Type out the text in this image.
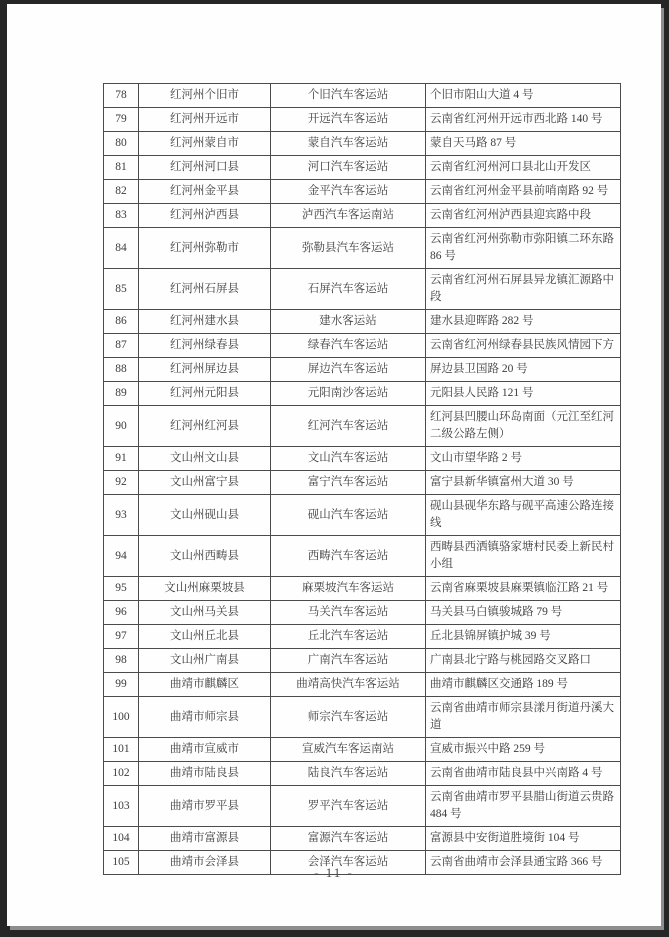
78	红河州个旧市	个旧汽车客运站	个旧市阳山大道 4 号
79	红河州开远市	开远汽车客运站	云南省红河州开远市西北路 140 号
80	红河州蒙自市	蒙自汽车客运站	蒙自天马路 87 号
81	红河州河口县	河口汽车客运站	云南省红河州河口县北山开发区
82	红河州金平县	金平汽车客运站	云南省红河州金平县前哨南路 92 号
83	红河州泸西县	泸西汽车客运南站	云南省红河州泸西县迎宾路中段
84	红河州弥勒市	弥勒县汽车客运站	云南省红河州弥勒市弥阳镇二环东路 86 号
85	红河州石屏县	石屏汽车客运站	云南省红河州石屏县异龙镇汇源路中段
86	红河州建水县	建水客运站	建水县迎晖路 282 号
87	红河州绿春县	绿春汽车客运站	云南省红河州绿春县民族风情园下方
88	红河州屏边县	屏边汽车客运站	屏边县卫国路 20 号
89	红河州元阳县	元阳南沙客运站	元阳县人民路 121 号
90	红河州红河县	红河汽车客运站	红河县凹腰山环岛南面（元江至红河二级公路左侧）
91	文山州文山县	文山汽车客运站	文山市望华路 2 号
92	文山州富宁县	富宁汽车客运站	富宁县新华镇富州大道 30 号
93	文山州砚山县	砚山汽车客运站	砚山县砚华东路与砚平高速公路连接线
94	文山州西畴县	西畴汽车客运站	西畴县西洒镇骆家塘村民委上新民村小组
95	文山州麻栗坡县	麻栗坡汽车客运站	云南省麻栗坡县麻栗镇临江路 21 号
96	文山州马关县	马关汽车客运站	马关县马白镇骏城路 79 号
97	文山州丘北县	丘北汽车客运站	丘北县锦屏镇护城 39 号
98	文山州广南县	广南汽车客运站	广南县北宁路与桃园路交叉路口
99	曲靖市麒麟区	曲靖高快汽车客运站	曲靖市麒麟区交通路 189 号
100	曲靖市师宗县	师宗汽车客运站	云南省曲靖市师宗县漾月街道丹溪大道
101	曲靖市宣威市	宣威汽车客运南站	宣威市振兴中路 259 号
102	曲靖市陆良县	陆良汽车客运站	云南省曲靖市陆良县中兴南路 4 号
103	曲靖市罗平县	罗平汽车客运站	云南省曲靖市罗平县腊山街道云贵路 484 号
104	曲靖市富源县	富源汽车客运站	富源县中安街道胜境街 104 号
105	曲靖市会泽县	会泽汽车客运站	云南省曲靖市会泽县通宝路 366 号
- 11 -
